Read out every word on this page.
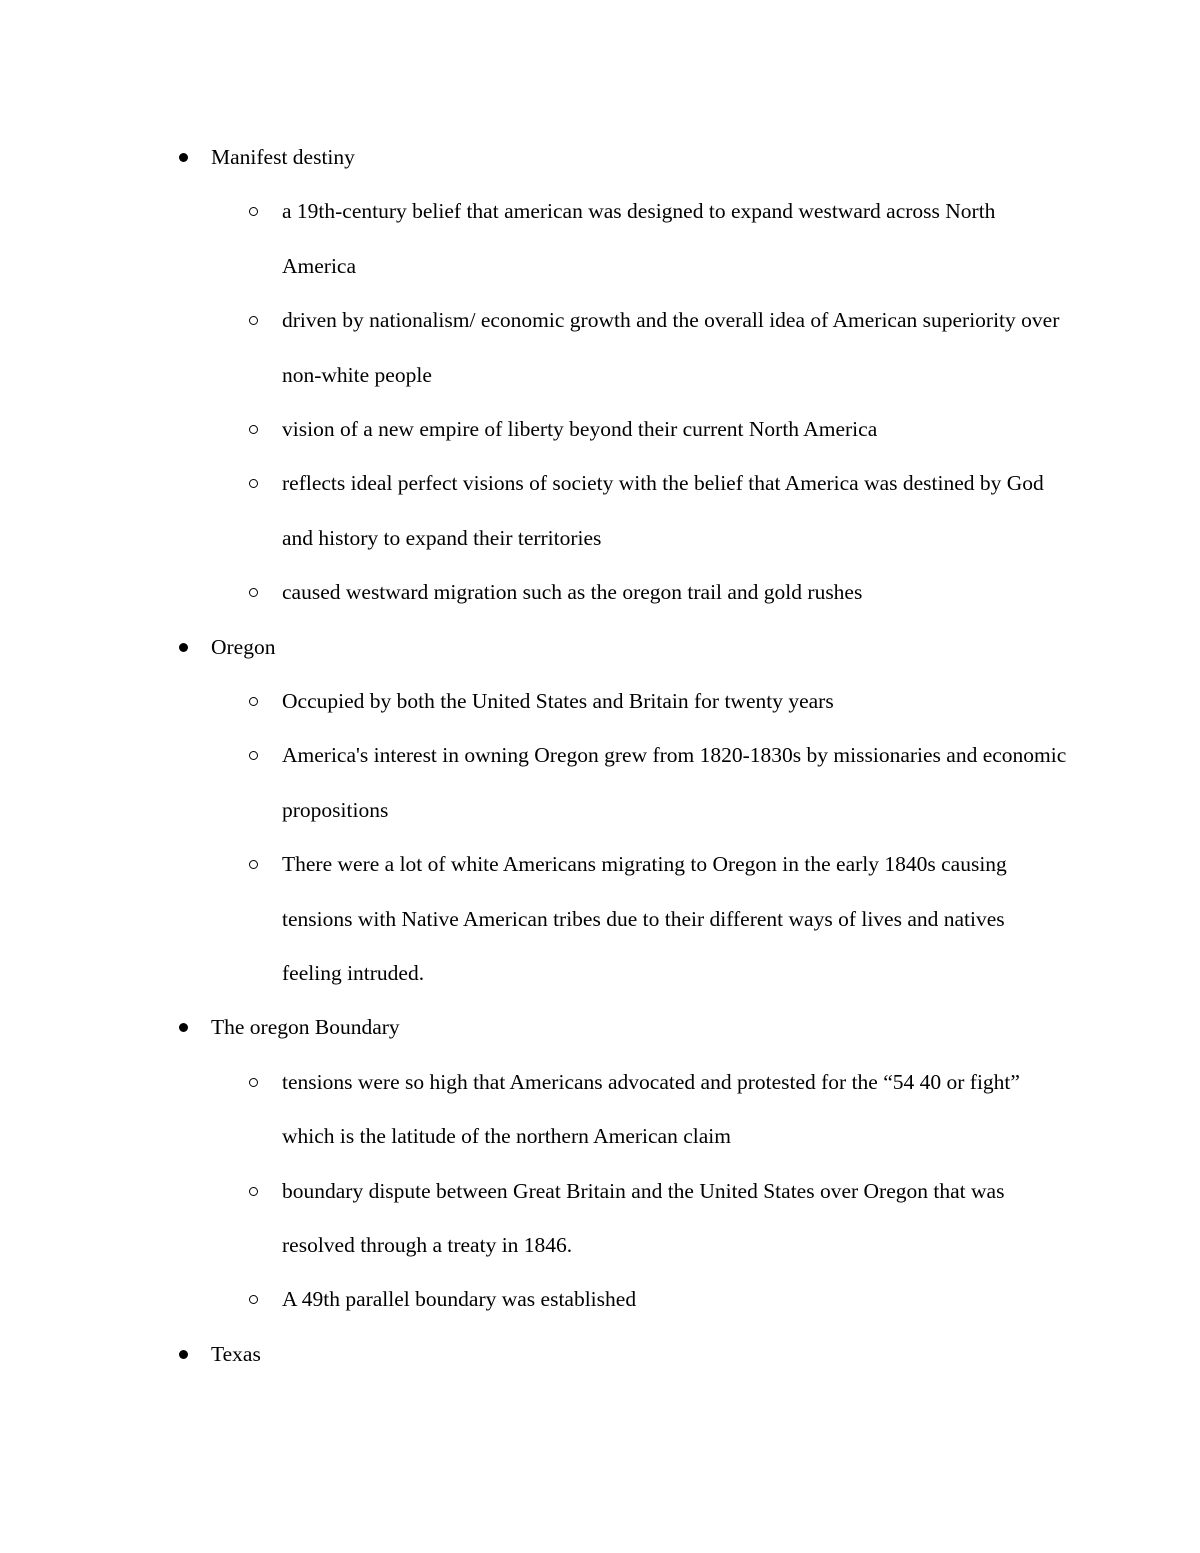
Manifest destiny
a 19th-century belief that american was designed to expand westward across North America
driven by nationalism/ economic growth and the overall idea of American superiority over non-white people
vision of a new empire of liberty beyond their current North America
reflects ideal perfect visions of society with the belief that America was destined by God and history to expand their territories
caused westward migration such as the oregon trail and gold rushes
Oregon
Occupied by both the United States and Britain for twenty years
America's interest in owning Oregon grew from 1820-1830s by missionaries and economic propositions
There were a lot of white Americans migrating to Oregon in the early 1840s causing tensions with Native American tribes due to their different ways of lives and natives feeling intruded.
The oregon Boundary
tensions were so high that Americans advocated and protested for the “54 40 or fight” which is the latitude of the northern American claim
boundary dispute between Great Britain and the United States over Oregon that was resolved through a treaty in 1846.
A 49th parallel boundary was established
Texas
